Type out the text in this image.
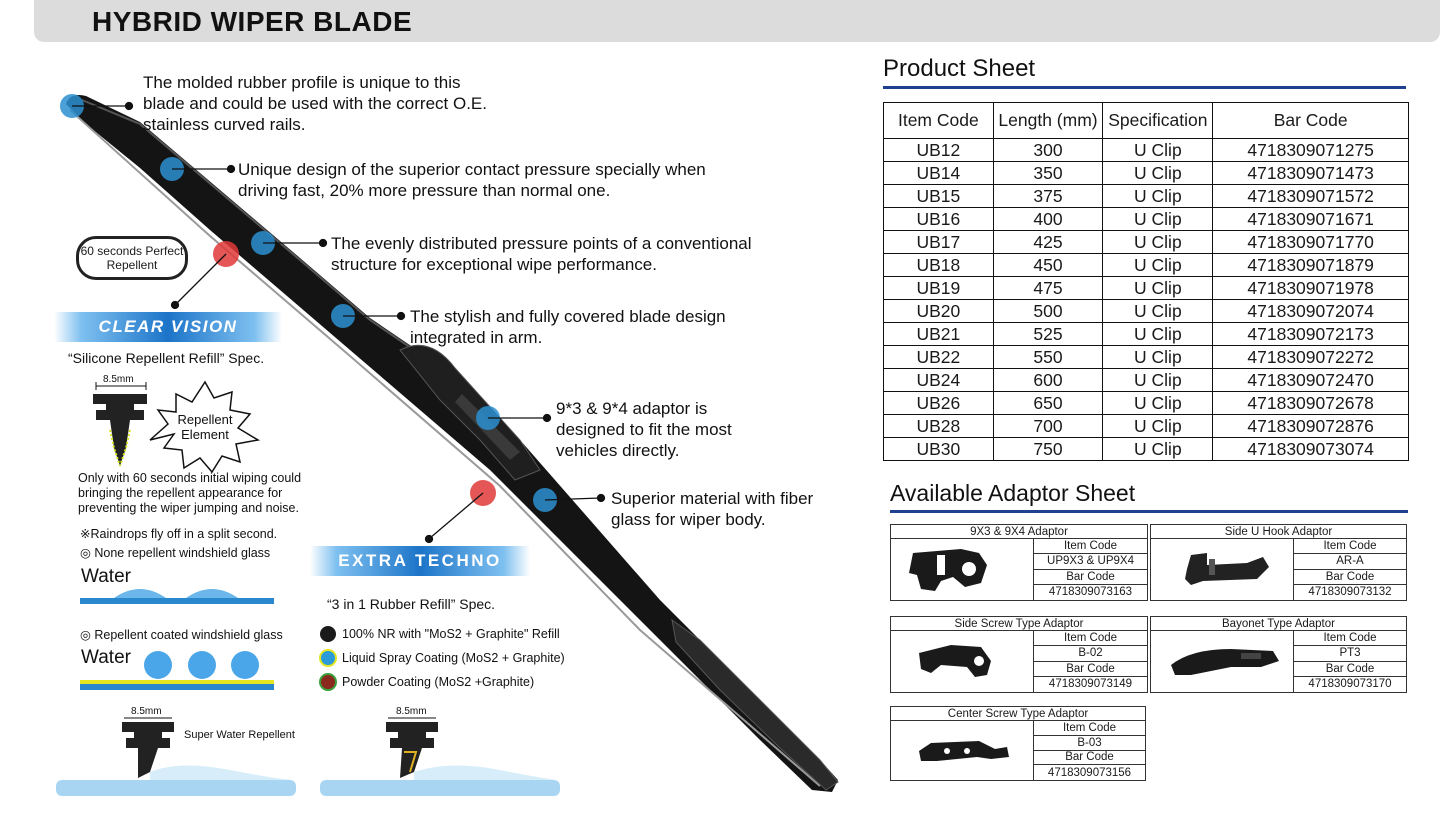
HYBRID WIPER BLADE
The molded rubber profile is unique to this blade and could be used with the correct O.E. stainless curved rails.
Unique design of the superior contact pressure specially when driving fast, 20% more pressure than normal one.
The evenly distributed pressure points of a conventional structure for exceptional wipe performance.
The stylish and fully covered blade design integrated in arm.
9*3 & 9*4 adaptor is designed to fit the most vehicles directly.
Superior material with fiber glass for wiper body.
60 seconds Perfect Repellent
CLEAR VISION
“Silicone Repellent Refill” Spec.
8.5mm
Repellent Element
Only with 60 seconds initial wiping could bringing the repellent appearance for preventing the wiper jumping and noise.
※Raindrops fly off in a split second.
◎ None repellent windshield glass
Water
◎ Repellent coated windshield glass
Water
8.5mm
Super Water Repellent
EXTRA TECHNO
“3 in 1 Rubber Refill” Spec.
100% NR with "MoS2 + Graphite" Refill
Liquid Spray Coating (MoS2 + Graphite)
Powder Coating (MoS2 +Graphite)
8.5mm
Product Sheet
Item Code	Length (mm)	Specification	Bar Code
UB12	300	U Clip	4718309071275
UB14	350	U Clip	4718309071473
UB15	375	U Clip	4718309071572
UB16	400	U Clip	4718309071671
UB17	425	U Clip	4718309071770
UB18	450	U Clip	4718309071879
UB19	475	U Clip	4718309071978
UB20	500	U Clip	4718309072074
UB21	525	U Clip	4718309072173
UB22	550	U Clip	4718309072272
UB24	600	U Clip	4718309072470
UB26	650	U Clip	4718309072678
UB28	700	U Clip	4718309072876
UB30	750	U Clip	4718309073074
Available Adaptor Sheet
9X3 & 9X4 Adaptor
Item Code
UP9X3 & UP9X4
Bar Code
4718309073163
Side U Hook Adaptor
Item Code
AR-A
Bar Code
4718309073132
Side Screw Type Adaptor
Item Code
B-02
Bar Code
4718309073149
Bayonet Type Adaptor
Item Code
PT3
Bar Code
4718309073170
Center Screw Type Adaptor
Item Code
B-03
Bar Code
4718309073156
